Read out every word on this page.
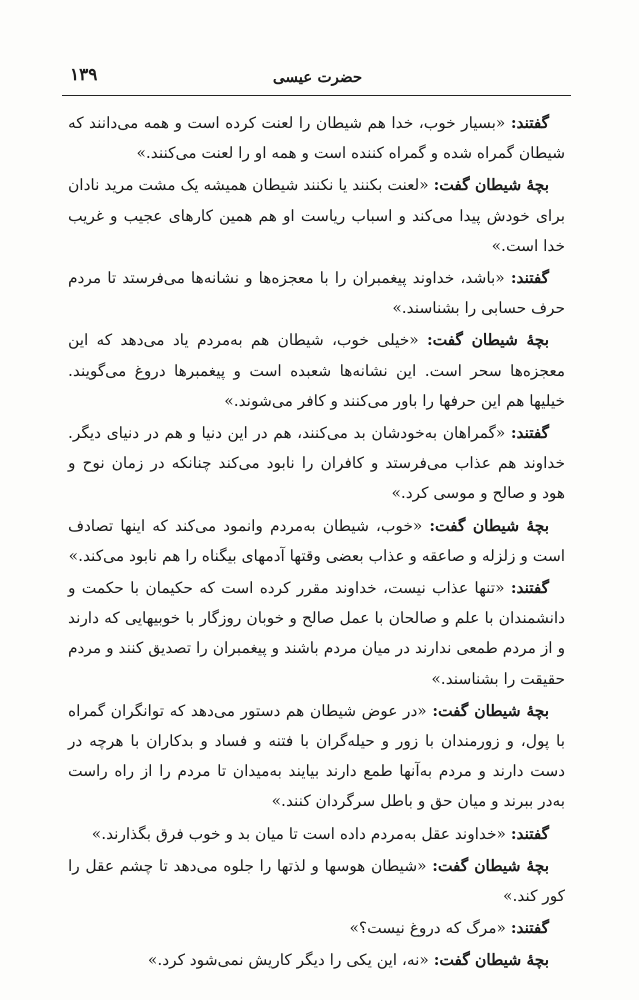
۱۳۹	حضرت عیسی

گفتند: «بسیار خوب، خدا هم شیطان را لعنت کرده است و همه می‌دانند که شیطان گمراه شده و گمراه کننده است و همه او را لعنت می‌کنند.»

بچهٔ شیطان گفت: «لعنت بکنند یا نکنند شیطان همیشه یک مشت مرید نادان برای خودش پیدا می‌کند و اسباب ریاست او هم همین کارهای عجیب و غریب خدا است.»

گفتند: «باشد، خداوند پیغمبران را با معجزه‌ها و نشانه‌ها می‌فرستد تا مردم حرف حسابی را بشناسند.»

بچهٔ شیطان گفت: «خیلی خوب، شیطان هم به‌مردم یاد می‌دهد که این معجزه‌ها سحر است. این نشانه‌ها شعبده است و پیغمبرها دروغ می‌گویند. خیلیها هم این حرفها را باور می‌کنند و کافر می‌شوند.»

گفتند: «گمراهان به‌خودشان بد می‌کنند، هم در این دنیا و هم در دنیای دیگر. خداوند هم عذاب می‌فرستد و کافران را نابود می‌کند چنانکه در زمان نوح و هود و صالح و موسی کرد.»

بچهٔ شیطان گفت: «خوب، شیطان به‌مردم وانمود می‌کند که اینها تصادف است و زلزله و صاعقه و عذاب بعضی وقتها آدمهای بیگناه را هم نابود می‌کند.»

گفتند: «تنها عذاب نیست، خداوند مقرر کرده است که حکیمان با حکمت و دانشمندان با علم و صالحان با عمل صالح و خوبان روزگار با خوبیهایی که دارند و از مردم طمعی ندارند در میان مردم باشند و پیغمبران را تصدیق کنند و مردم حقیقت را بشناسند.»

بچهٔ شیطان گفت: «در عوض شیطان هم دستور می‌دهد که توانگران گمراه با پول، و زورمندان با زور و حیله‌گران با فتنه و فساد و بدکاران با هرچه در دست دارند و مردم به‌آنها طمع دارند بیایند به‌میدان تا مردم را از راه راست به‌در ببرند و میان حق و باطل سرگردان کنند.»

گفتند: «خداوند عقل به‌مردم داده است تا میان بد و خوب فرق بگذارند.»

بچهٔ شیطان گفت: «شیطان هوسها و لذتها را جلوه می‌دهد تا چشم عقل را کور کند.»

گفتند: «مرگ که دروغ نیست؟»

بچهٔ شیطان گفت: «نه، این یکی را دیگر کاریش نمی‌شود کرد.»
